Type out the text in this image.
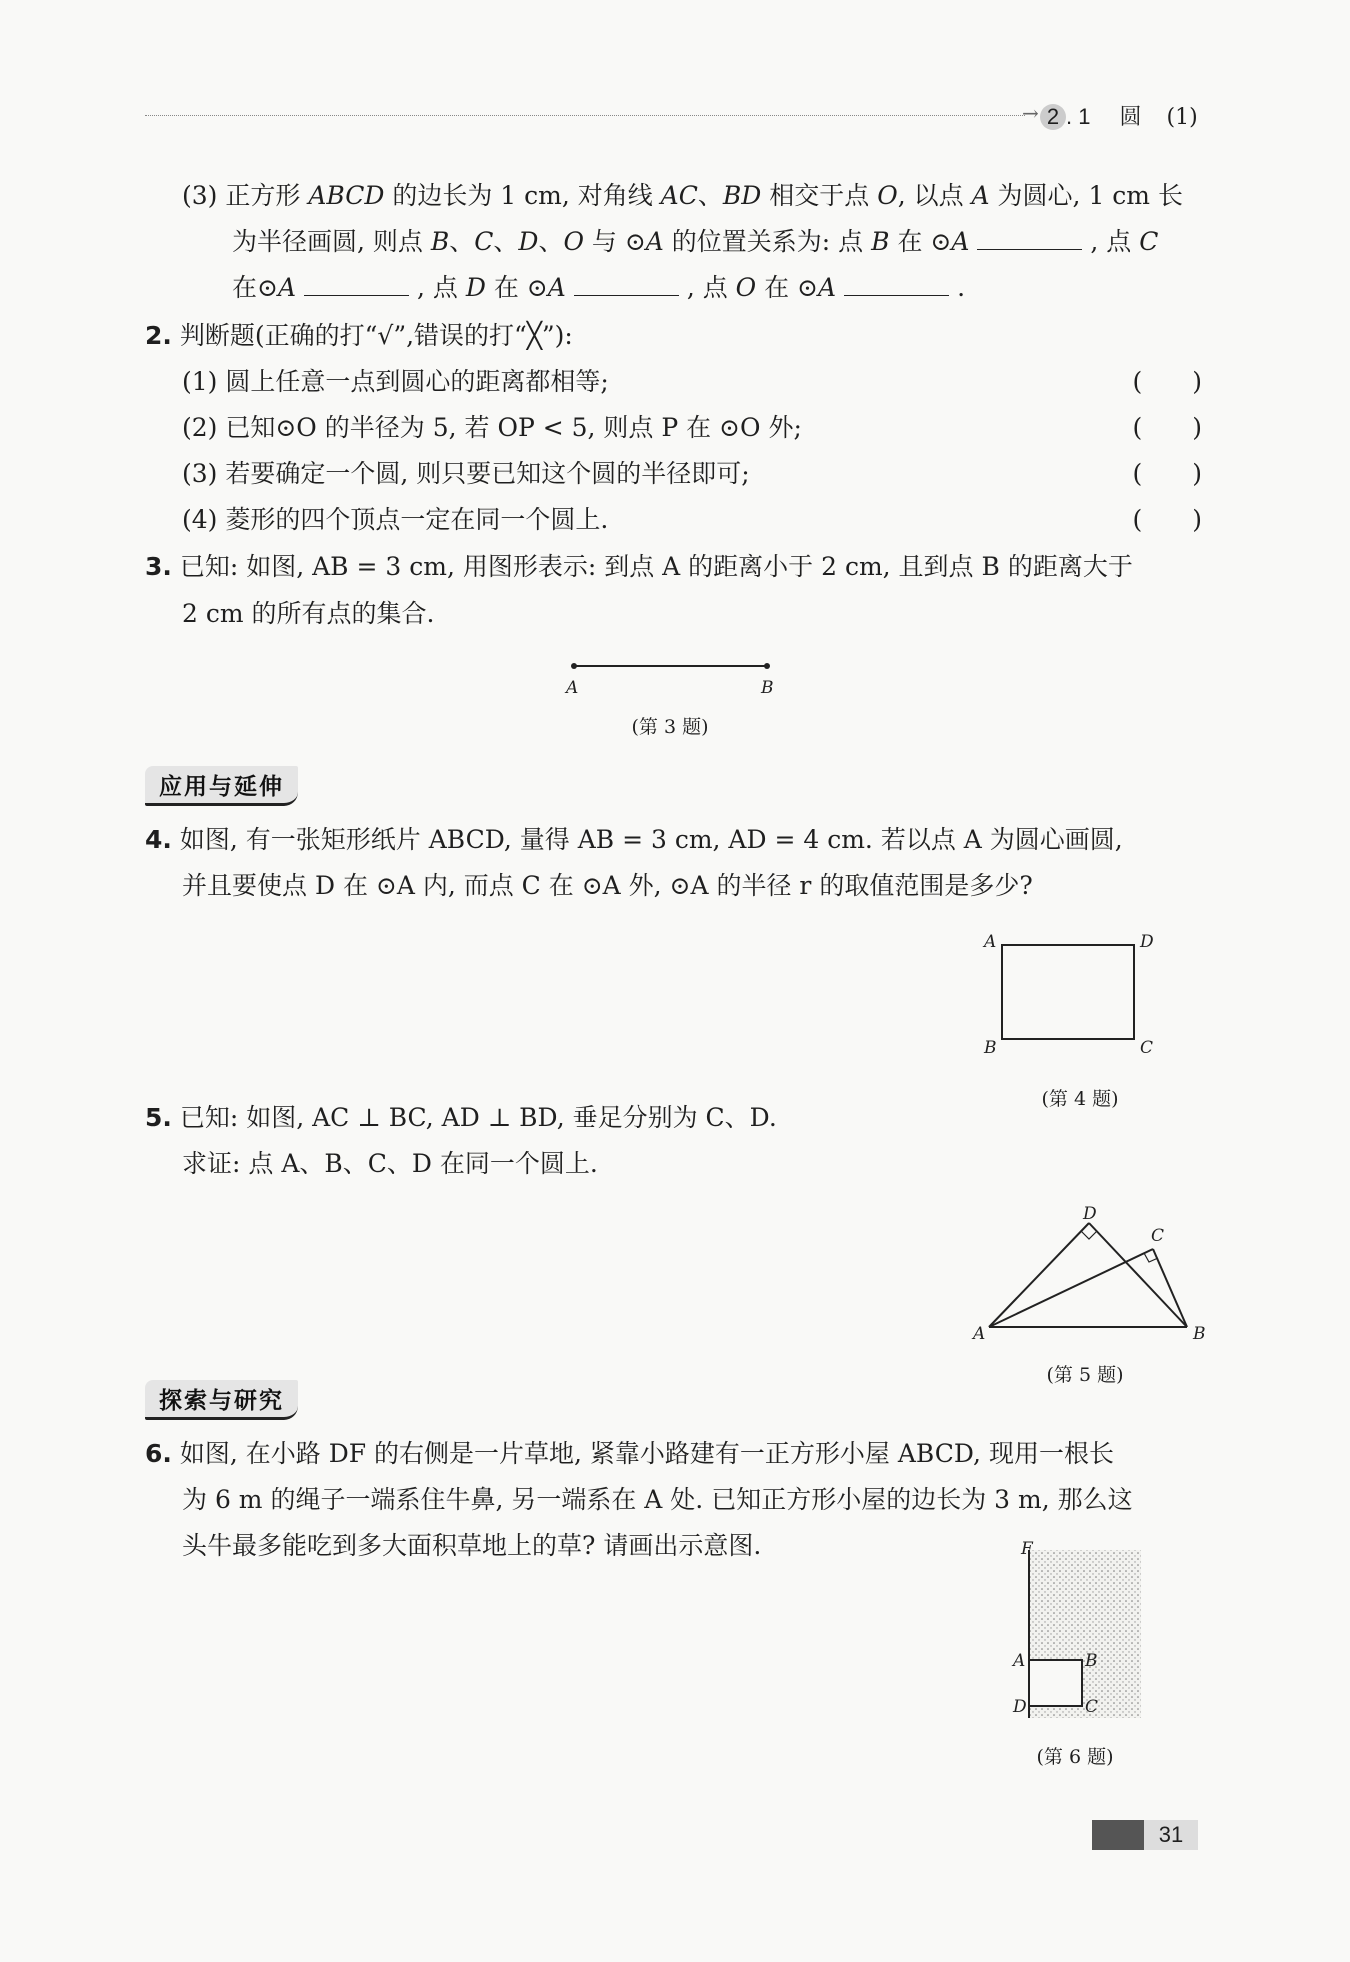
→ 2 . 1 圆 (1)
(3) 正方形 ABCD 的边长为 1 cm, 对角线 AC、BD 相交于点 O, 以点 A 为圆心, 1 cm 长
为半径画圆, 则点 B、C、D、O 与 ⊙A 的位置关系为: 点 B 在 ⊙A	, 点 C
在⊙A	, 点 D 在 ⊙A	, 点 O 在 ⊙A	.
2. 判断题(正确的打“√”,错误的打“╳”):
(1) 圆上任意一点到圆心的距离都相等;	(　　)
(2) 已知⊙O 的半径为 5, 若 OP < 5, 则点 P 在 ⊙O 外;	(　　)
(3) 若要确定一个圆, 则只要已知这个圆的半径即可;	(　　)
(4) 菱形的四个顶点一定在同一个圆上.	(　　)
3. 已知: 如图, AB = 3 cm, 用图形表示: 到点 A 的距离小于 2 cm, 且到点 B 的距离大于
2 cm 的所有点的集合.
A	B
(第 3 题)
应用与延伸
4. 如图, 有一张矩形纸片 ABCD, 量得 AB = 3 cm, AD = 4 cm. 若以点 A 为圆心画圆,
并且要使点 D 在 ⊙A 内, 而点 C 在 ⊙A 外, ⊙A 的半径 r 的取值范围是多少?
A	D
B	C
(第 4 题)
5. 已知: 如图, AC ⊥ BC, AD ⊥ BD, 垂足分别为 C、D.
求证: 点 A、B、C、D 在同一个圆上.
D
C
A	B
(第 5 题)
探索与研究
6. 如图, 在小路 DF 的右侧是一片草地, 紧靠小路建有一正方形小屋 ABCD, 现用一根长
为 6 m 的绳子一端系住牛鼻, 另一端系在 A 处. 已知正方形小屋的边长为 3 m, 那么这
头牛最多能吃到多大面积草地上的草? 请画出示意图.	F
A	B
D	C
(第 6 题)
31
